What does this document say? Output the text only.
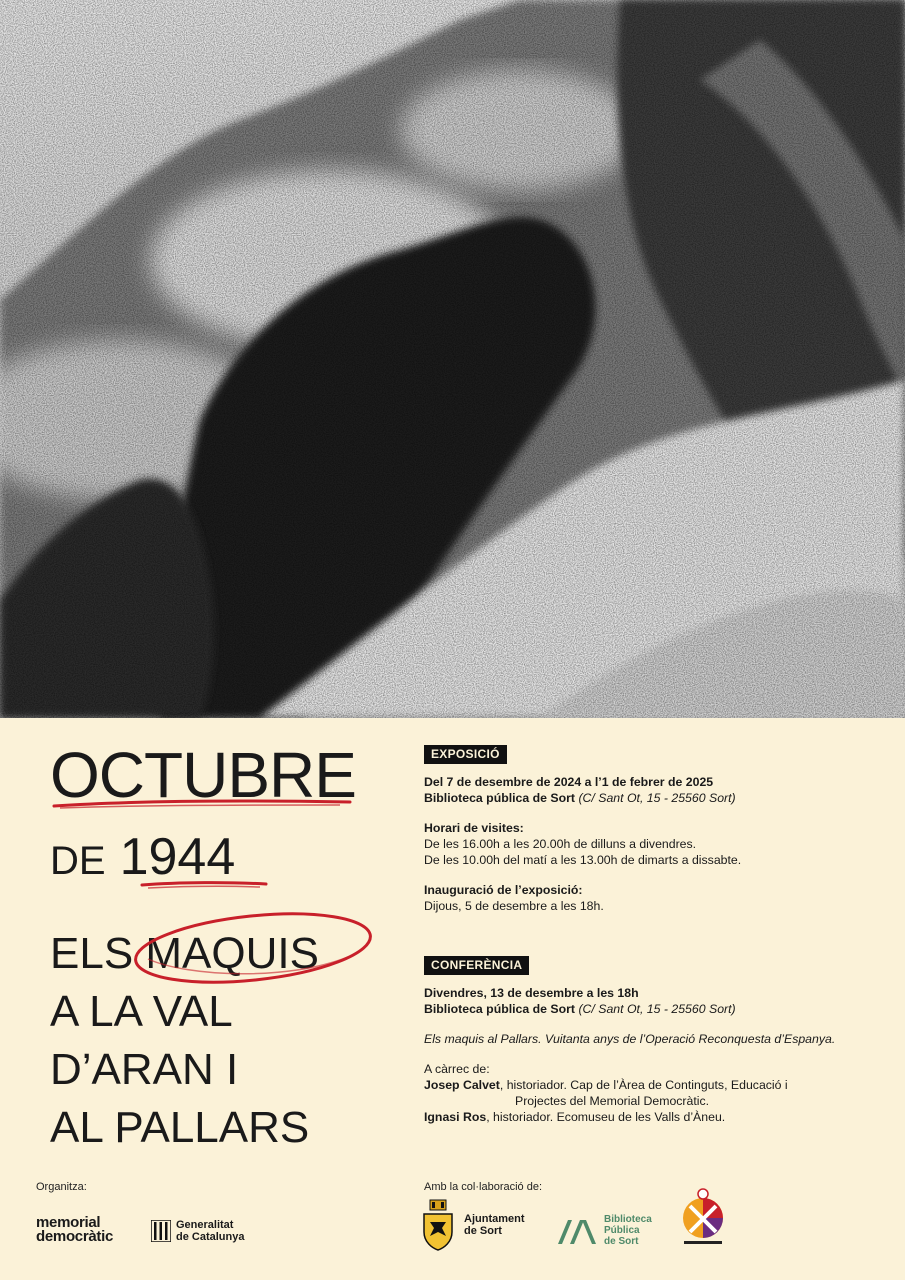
OCTUBRE
DE 1944
ELS MAQUIS
A LA VAL
D’ARAN I
AL PALLARS
EXPOSICIÓ

Del 7 de desembre de 2024 a l’1 de febrer de 2025

Biblioteca pública de Sort (C/ Sant Ot, 15 - 25560 Sort)

Horari de visites:

De les 16.00h a les 20.00h de dilluns a divendres.

De les 10.00h del matí a les 13.00h de dimarts a dissabte.

Inauguració de l’exposició:

Dijous, 5 de desembre a les 18h.

CONFERÈNCIA

Divendres, 13 de desembre a les 18h

Biblioteca pública de Sort (C/ Sant Ot, 15 - 25560 Sort)

Els maquis al Pallars. Vuitanta anys de l’Operació Reconquesta d’Espanya.

A càrrec de:

Josep Calvet, historiador. Cap de l’Àrea de Continguts, Educació i

Projectes del Memorial Democràtic.

Ignasi Ros, historiador. Ecomuseu de les Valls d’Àneu.

Organitza:	Amb la col·laboració de:
memorial
democràtic
Generalitat
de Catalunya
Ajuntament
de Sort
Biblioteca
Pública
de Sort
